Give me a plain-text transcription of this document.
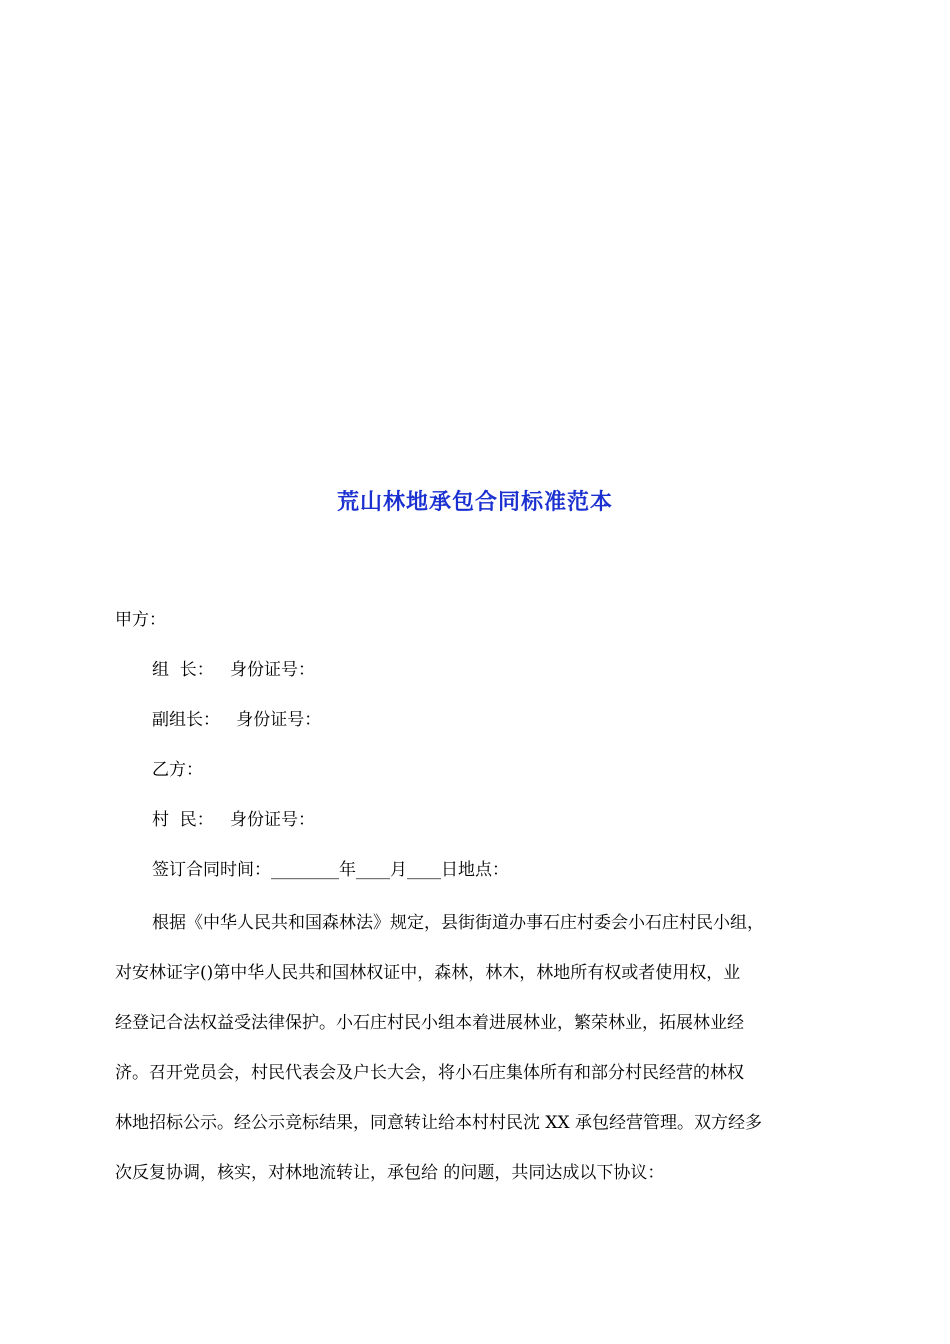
荒山林地承包合同标准范本
甲方：
组  长：   身份证号：
副组长：   身份证号：
乙方：
村  民：   身份证号：
签订合同时间：________年____月____日地点：
根据《中华人民共和国森林法》规定，县街街道办事石庄村委会小石庄村民小组，
对安林证字()第中华人民共和国林权证中，森林，林木，林地所有权或者使用权，业
经登记合法权益受法律保护。小石庄村民小组本着进展林业，繁荣林业，拓展林业经
济。召开党员会，村民代表会及户长大会，将小石庄集体所有和部分村民经营的林权
林地招标公示。经公示竞标结果，同意转让给本村村民沈 XX 承包经营管理。双方经多
次反复协调，核实，对林地流转让，承包给 的问题，共同达成以下协议：
